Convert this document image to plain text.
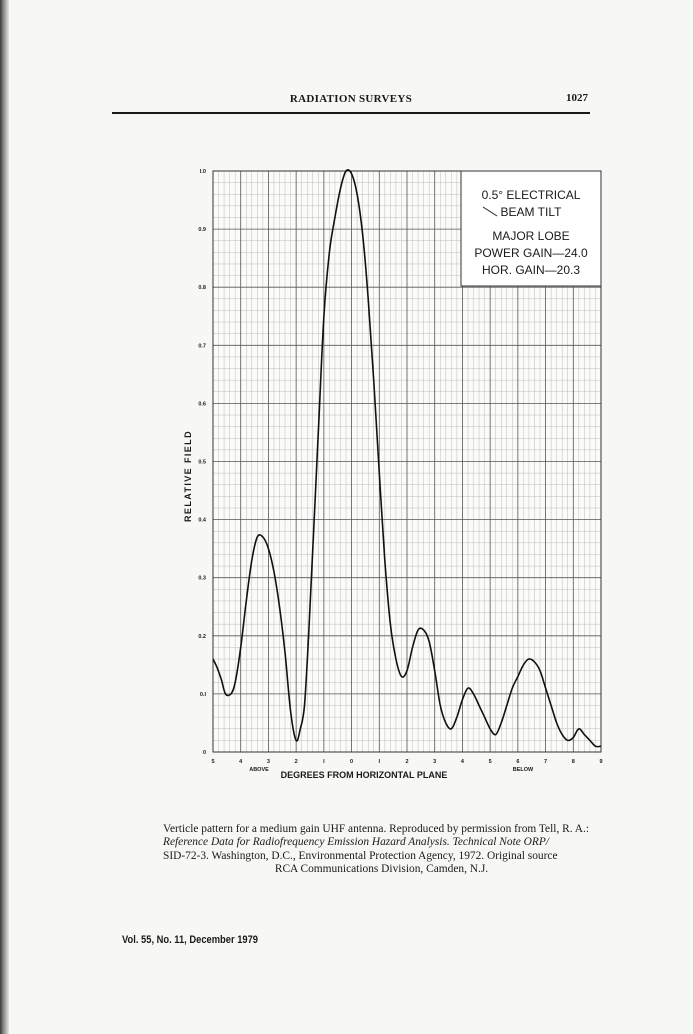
RADIATION SURVEYS	1027
0
0.I
0.2
0.3
0.4
0.5
0.6
0.7
0.8
0.9
I.0
5	4	3	2	I	0	I	2	3	4	5	6	7	8	9
RELATIVE FIELD
DEGREES FROM HORIZONTAL PLANE
ABOVE	BELOW
0.5° ELECTRICAL
BEAM TILT
MAJOR LOBE
POWER GAIN—24.0
HOR. GAIN—20.3
Verticle pattern for a medium gain UHF antenna. Reproduced by permission from Tell, R. A.:
Reference Data for Radiofrequency Emission Hazard Analysis. Technical Note ORP/
SID-72-3. Washington, D.C., Environmental Protection Agency, 1972. Original source
RCA Communications Division, Camden, N.J.
Vol. 55, No. 11, December 1979
